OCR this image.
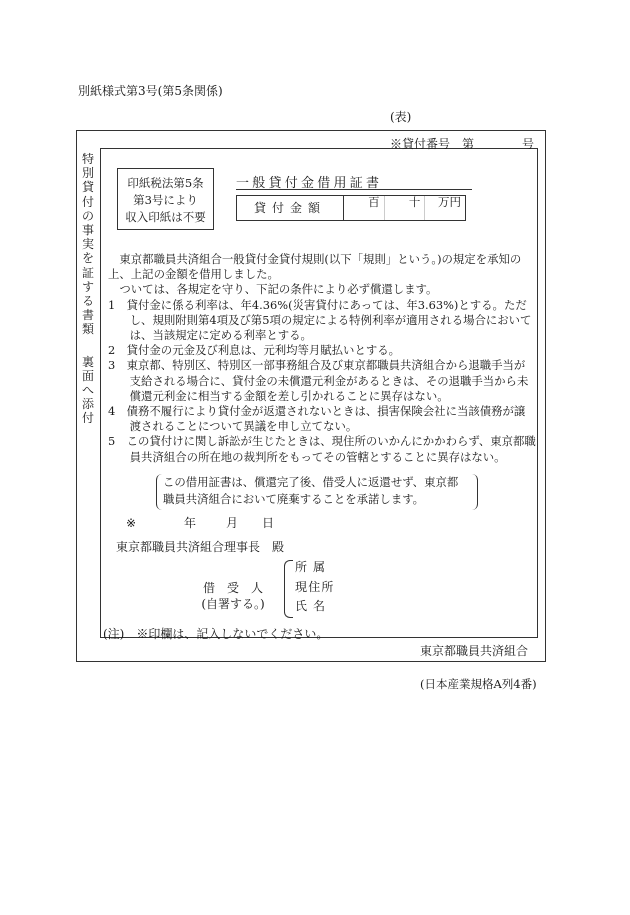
別紙様式第3号(第5条関係)
(表)
※貸付番号　第　　　　号
特別貸付の事実を証する書類
裏面へ添付
印紙税法第5条
第3号により
収入印紙は不要
一般貸付金借用証書
貸付金額	百	十	万円

東京都職員共済組合一般貸付金貸付規則(以下「規則」という。)の規定を承知の上、上記の金額を借用しました。

ついては、各規定を守り、下記の条件により必ず償還します。

1　貸付金に係る利率は、年4.36%(災害貸付にあっては、年3.63%)とする。ただし、規則附則第4項及び第5項の規定による特例利率が適用される場合においては、当該規定に定める利率とする。

2　貸付金の元金及び利息は、元利均等月賦払いとする。

3　東京都、特別区、特別区一部事務組合及び東京都職員共済組合から退職手当が支給される場合に、貸付金の未償還元利金があるときは、その退職手当から未償還元利金に相当する金額を差し引かれることに異存はない。

4　債務不履行により貸付金が返還されないときは、損害保険会社に当該債務が譲渡されることについて異議を申し立てない。

5　この貸付けに関し訴訟が生じたときは、現住所のいかんにかかわらず、東京都職員共済組合の所在地の裁判所をもってその管轄とすることに異存はない。

この借用証書は、償還完了後、借受人に返還せず、東京都

職員共済組合において廃棄することを承諾します。

※	年 月 日
東京都職員共済組合理事長　殿
借　受　人
(自署する。)
所属
現住所
氏名
(注)　※印欄は、記入しないでください。
東京都職員共済組合
(日本産業規格A列4番)
